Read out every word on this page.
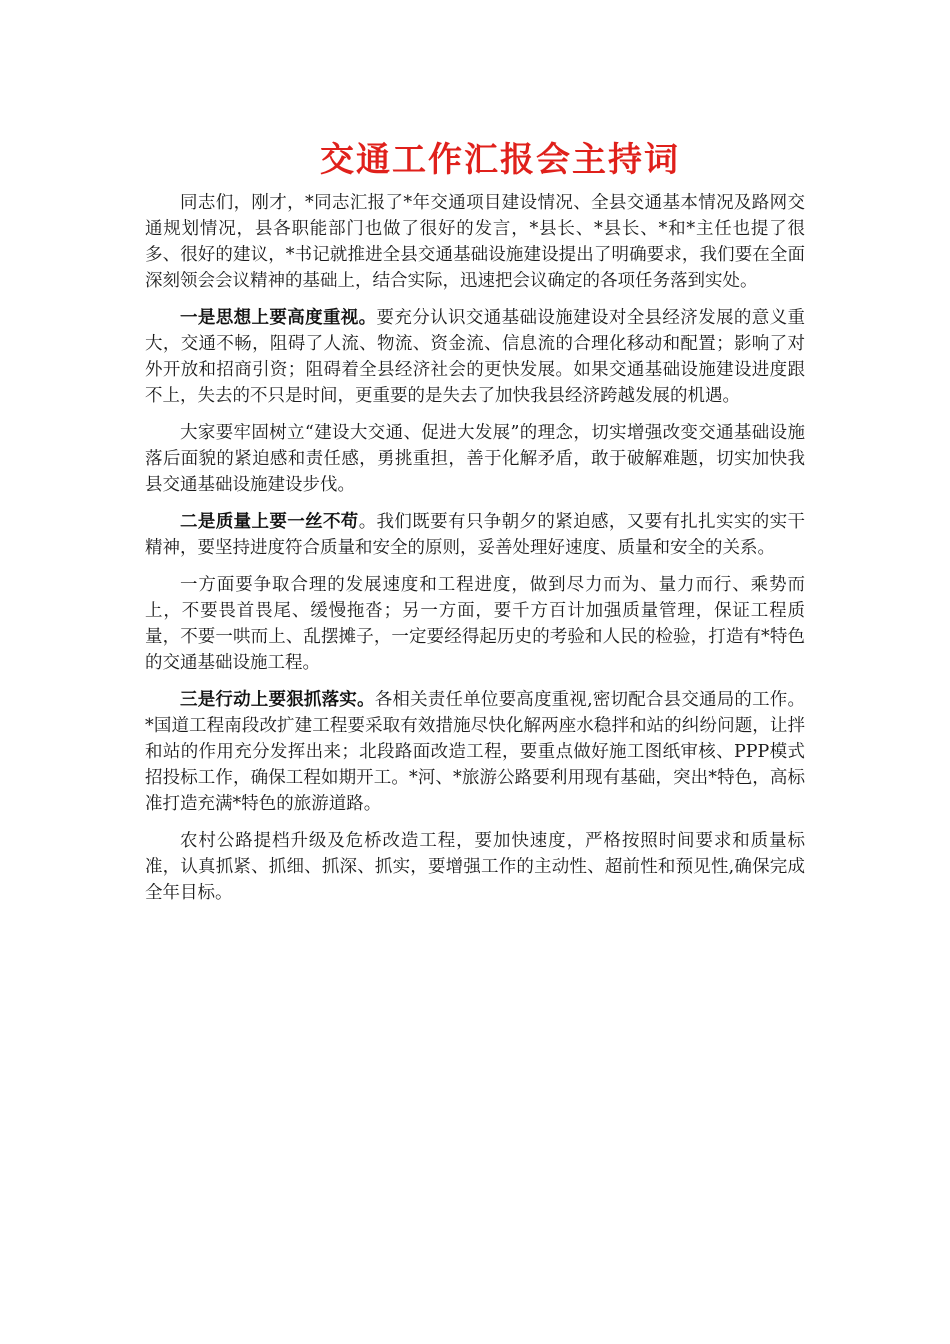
交通工作汇报会主持词

同志们，刚才，*同志汇报了*年交通项目建设情况、全县交通基本情况及路网交通规划情况，县各职能部门也做了很好的发言，*县长、*县长、*和*主任也提了很多、很好的建议，*书记就推进全县交通基础设施建设提出了明确要求，我们要在全面深刻领会会议精神的基础上，结合实际，迅速把会议确定的各项任务落到实处。

一是思想上要高度重视。要充分认识交通基础设施建设对全县经济发展的意义重大，交通不畅，阻碍了人流、物流、资金流、信息流的合理化移动和配置；影响了对外开放和招商引资；阻碍着全县经济社会的更快发展。如果交通基础设施建设进度跟不上，失去的不只是时间，更重要的是失去了加快我县经济跨越发展的机遇。

大家要牢固树立“建设大交通、促进大发展”的理念，切实增强改变交通基础设施落后面貌的紧迫感和责任感，勇挑重担，善于化解矛盾，敢于破解难题，切实加快我县交通基础设施建设步伐。

二是质量上要一丝不苟。我们既要有只争朝夕的紧迫感，又要有扎扎实实的实干精神，要坚持进度符合质量和安全的原则，妥善处理好速度、质量和安全的关系。

一方面要争取合理的发展速度和工程进度，做到尽力而为、量力而行、乘势而上，不要畏首畏尾、缓慢拖沓；另一方面，要千方百计加强质量管理，保证工程质量，不要一哄而上、乱摆摊子，一定要经得起历史的考验和人民的检验，打造有*特色的交通基础设施工程。

三是行动上要狠抓落实。各相关责任单位要高度重视,密切配合县交通局的工作。*国道工程南段改扩建工程要采取有效措施尽快化解两座水稳拌和站的纠纷问题，让拌和站的作用充分发挥出来；北段路面改造工程，要重点做好施工图纸审核、PPP模式招投标工作，确保工程如期开工。*河、*旅游公路要利用现有基础，突出*特色，高标准打造充满*特色的旅游道路。

农村公路提档升级及危桥改造工程，要加快速度，严格按照时间要求和质量标准，认真抓紧、抓细、抓深、抓实，要增强工作的主动性、超前性和预见性,确保完成全年目标。
